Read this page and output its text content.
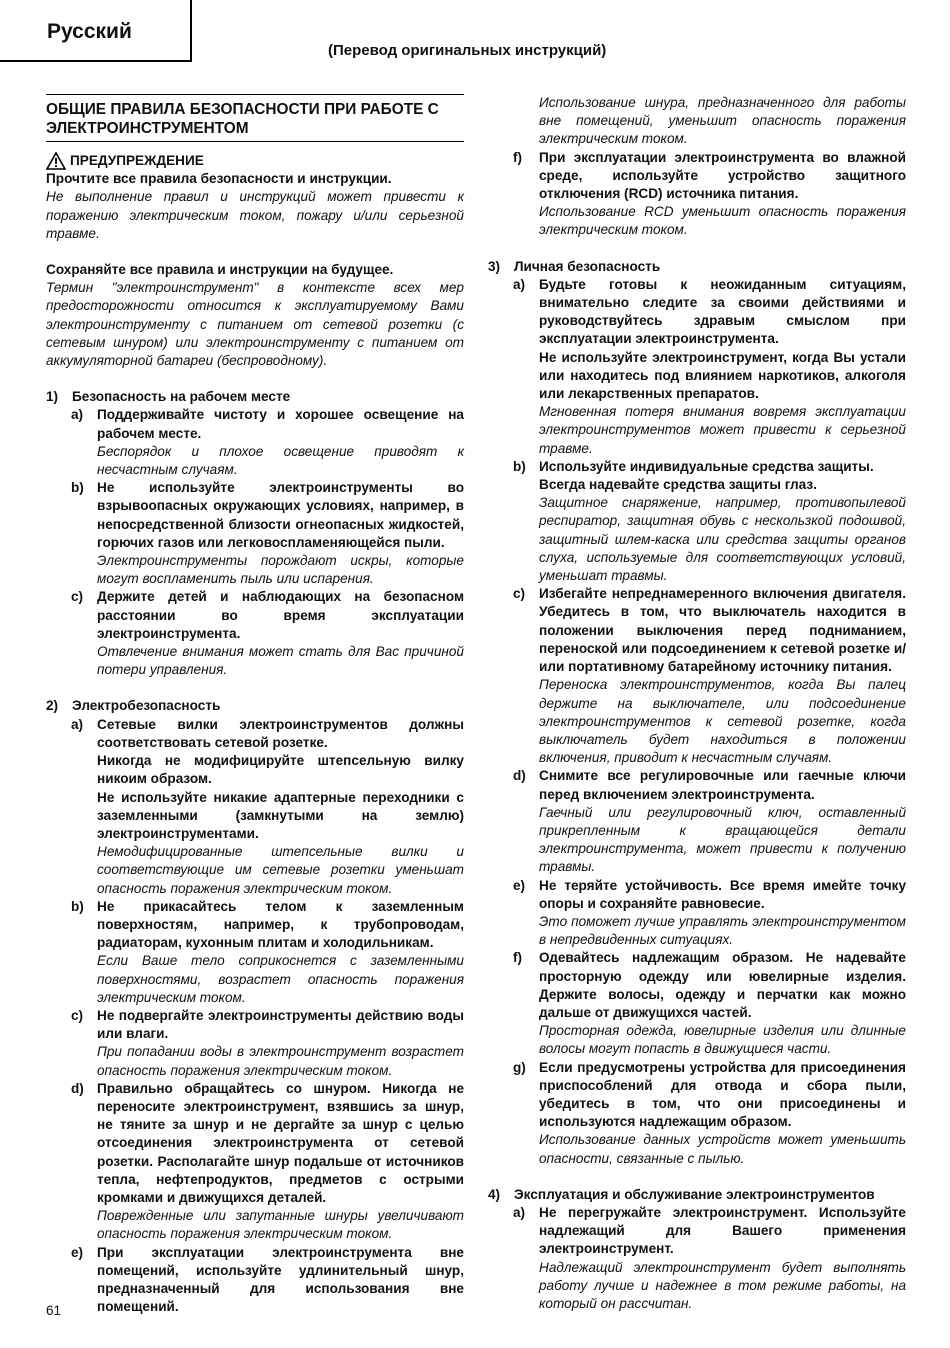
Русский
(Перевод оригинальных инструкций)
ОБЩИЕ ПРАВИЛА БЕЗОПАСНОСТИ ПРИ РАБОТЕ С ЭЛЕКТРОИНСТРУМЕНТОМ
ПРЕДУПРЕЖДЕНИЕ
Прочтите все правила безопасности и инструкции.
Не выполнение правил и инструкций может привести к поражению электрическим током, пожару и/или серьезной травме.
Сохраняйте все правила и инструкции на будущее.
Термин "электроинструмент" в контексте всех мер предосторожности относится к эксплуатируемому Вами электроинструменту с питанием от сетевой розетки (с сетевым шнуром) или электроинструменту с питанием от аккумуляторной батареи (беспроводному).
1)	Безопасность на рабочем месте
a)	Поддерживайте чистоту и хорошее освещение на рабочем месте.
Беспорядок и плохое освещение приводят к несчастным случаям.
b) Не используйте электроинструменты во взрывоопасных окружающих условиях, например, в непосредственной близости огнеопасных жидкостей, горючих газов или легковоспламеняющейся пыли.
Электроинструменты порождают искры, которые могут воспламенить пыль или испарения.
c)	Держите детей и наблюдающих на безопасном расстоянии во время эксплуатации электроинструмента.
Отвлечение внимания может стать для Вас причиной потери управления.
2)	Электробезопасность
a)	Сетевые вилки электроинструментов должны соответствовать сетевой розетке.
Никогда не модифицируйте штепсельную вилку никоим образом.
Не используйте никакие адаптерные переходники с заземленными (замкнутыми на землю) электроинструментами.
Немодифицированные штепсельные вилки и соответствующие им сетевые розетки уменьшат опасность поражения электрическим током.
b) Не прикасайтесь телом к заземленным поверхностям, например, к трубопроводам, радиаторам, кухонным плитам и холодильникам.
Если Ваше тело соприкоснется с заземленными поверхностями, возрастет опасность поражения электрическим током.
c)	Не подвергайте электроинструменты действию воды или влаги.
При попадании воды в электроинструмент возрастет опасность поражения электрическим током.
d) Правильно обращайтесь со шнуром. Никогда не переносите электроинструмент, взявшись за шнур, не тяните за шнур и не дергайте за шнур с целью отсоединения электроинструмента от сетевой розетки. Располагайте шнур подальше от источников тепла, нефтепродуктов, предметов с острыми кромками и движущихся деталей.
Поврежденные или запутанные шнуры увеличивают опасность поражения электрическим током.
e)	При эксплуатации электроинструмента вне помещений, используйте удлинительный шнур, предназначенный для использования вне помещений.
Использование шнура, предназначенного для работы вне помещений, уменьшит опасность поражения электрическим током.
f)	При эксплуатации электроинструмента во влажной среде, используйте устройство защитного отключения (RCD) источника питания.
Использование RCD уменьшит опасность поражения электрическим током.
3)	Личная безопасность
a)	Будьте готовы к неожиданным ситуациям, внимательно следите за своими действиями и руководствуйтесь здравым смыслом при эксплуатации электроинструмента.
Не используйте электроинструмент, когда Вы устали или находитесь под влиянием наркотиков, алкоголя или лекарственных препаратов.
Мгновенная потеря внимания вовремя эксплуатации электроинструментов может привести к серьезной травме.
b) Используйте индивидуальные средства защиты.
Всегда надевайте средства защиты глаз.
Защитное снаряжение, например, противопылевой респиратор, защитная обувь с нескользкой подошвой, защитный шлем-каска или средства защиты органов слуха, используемые для соответствующих условий, уменьшат травмы.
c)	Избегайте непреднамеренного включения двигателя. Убедитесь в том, что выключатель находится в положении выключения перед подниманием, переноской или подсоединением к сетевой розетке и/ или портативному батарейному источнику питания.
Переноска электроинструментов, когда Вы палец держите на выключателе, или подсоединение электроинструментов к сетевой розетке, когда выключатель будет находиться в положении включения, приводит к несчастным случаям.
d) Снимите все регулировочные или гаечные ключи перед включением электроинструмента.
Гаечный или регулировочный ключ, оставленный прикрепленным к вращающейся детали электроинструмента, может привести к получению травмы.
e)	Не теряйте устойчивость. Все время имейте точку опоры и сохраняйте равновесие.
Это поможет лучше управлять электроинструментом в непредвиденных ситуациях.
f)	Одевайтесь надлежащим образом. Не надевайте просторную одежду или ювелирные изделия. Держите волосы, одежду и перчатки как можно дальше от движущихся частей.
Просторная одежда, ювелирные изделия или длинные волосы могут попасть в движущиеся части.
g) Если предусмотрены устройства для присоединения приспособлений для отвода и сбора пыли, убедитесь в том, что они присоединены и используются надлежащим образом.
Использование данных устройств может уменьшить опасности, связанные с пылью.
4)	Эксплуатация и обслуживание электроинструментов
a)	Не перегружайте электроинструмент. Используйте надлежащий для Вашего применения электроинструмент.
Надлежащий электроинструмент будет выполнять работу лучше и надежнее в том режиме работы, на который он рассчитан.
61
